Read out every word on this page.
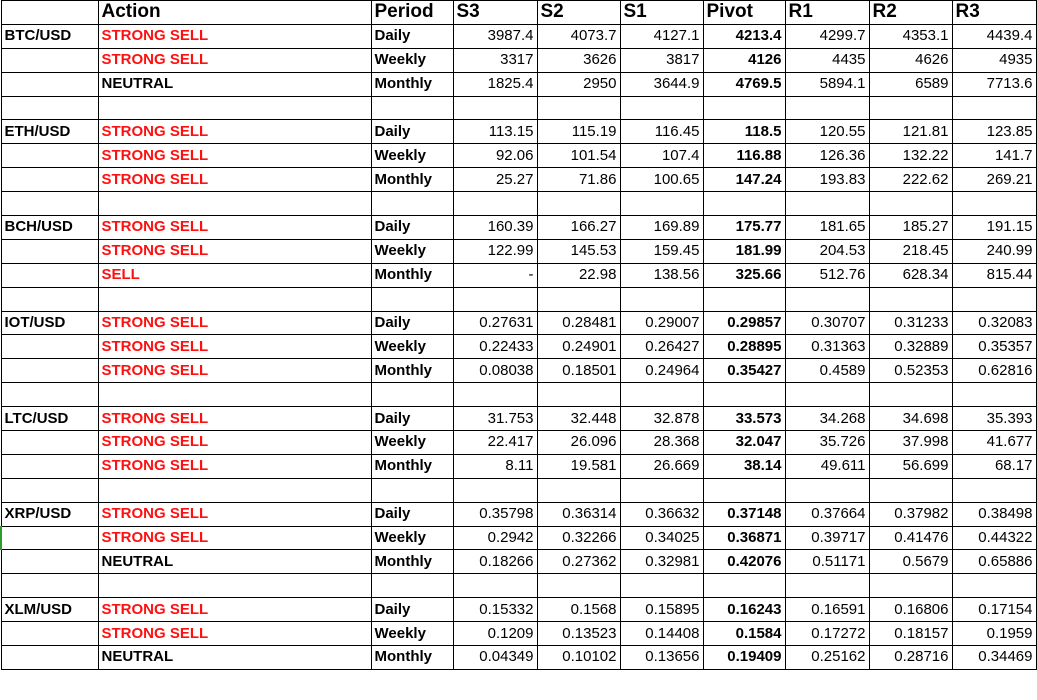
	Action	Period	S3	S2	S1	Pivot	R1	R2	R3
BTC/USD	STRONG SELL	Daily	3987.4	4073.7	4127.1	4213.4	4299.7	4353.1	4439.4
	STRONG SELL	Weekly	3317	3626	3817	4126	4435	4626	4935
	NEUTRAL	Monthly	1825.4	2950	3644.9	4769.5	5894.1	6589	7713.6

ETH/USD	STRONG SELL	Daily	113.15	115.19	116.45	118.5	120.55	121.81	123.85
	STRONG SELL	Weekly	92.06	101.54	107.4	116.88	126.36	132.22	141.7
	STRONG SELL	Monthly	25.27	71.86	100.65	147.24	193.83	222.62	269.21

BCH/USD	STRONG SELL	Daily	160.39	166.27	169.89	175.77	181.65	185.27	191.15
	STRONG SELL	Weekly	122.99	145.53	159.45	181.99	204.53	218.45	240.99
	SELL	Monthly	-	22.98	138.56	325.66	512.76	628.34	815.44

IOT/USD	STRONG SELL	Daily	0.27631	0.28481	0.29007	0.29857	0.30707	0.31233	0.32083
	STRONG SELL	Weekly	0.22433	0.24901	0.26427	0.28895	0.31363	0.32889	0.35357
	STRONG SELL	Monthly	0.08038	0.18501	0.24964	0.35427	0.4589	0.52353	0.62816

LTC/USD	STRONG SELL	Daily	31.753	32.448	32.878	33.573	34.268	34.698	35.393
	STRONG SELL	Weekly	22.417	26.096	28.368	32.047	35.726	37.998	41.677
	STRONG SELL	Monthly	8.11	19.581	26.669	38.14	49.611	56.699	68.17

XRP/USD	STRONG SELL	Daily	0.35798	0.36314	0.36632	0.37148	0.37664	0.37982	0.38498
	STRONG SELL	Weekly	0.2942	0.32266	0.34025	0.36871	0.39717	0.41476	0.44322
	NEUTRAL	Monthly	0.18266	0.27362	0.32981	0.42076	0.51171	0.5679	0.65886

XLM/USD	STRONG SELL	Daily	0.15332	0.1568	0.15895	0.16243	0.16591	0.16806	0.17154
	STRONG SELL	Weekly	0.1209	0.13523	0.14408	0.1584	0.17272	0.18157	0.1959
	NEUTRAL	Monthly	0.04349	0.10102	0.13656	0.19409	0.25162	0.28716	0.34469
